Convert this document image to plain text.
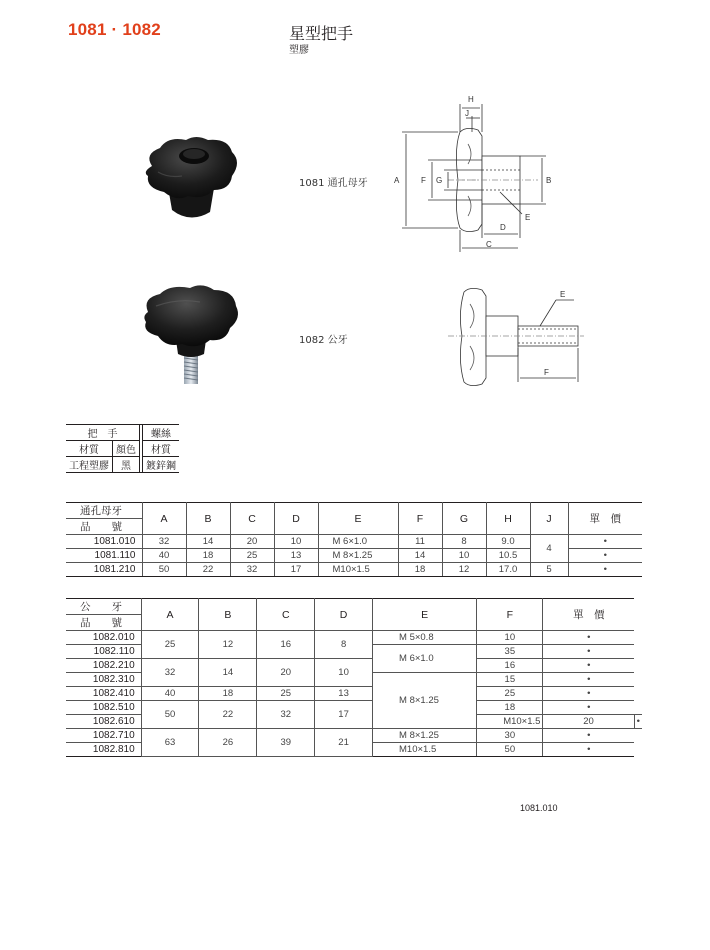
1081 · 1082	星型把手
塑膠
1081 通孔母牙
1082 公牙
H
J
A	F G	B
E
D
C
E
F
把　手			螺絲
材質	顏色		材質
工程塑膠	黑		鍍鋅鋼
通孔母牙	A	B	C	D	E	F	G	H	J	單　價
品　　號										
1081.010	32	14	20	10	M 6×1.0	11	8	9.0	4	•
1081.110	40	18	25	13	M 8×1.25	14	10	10.5		•
1081.210	50	22	32	17	M10×1.5	18	12	17.0	5	•
公　　牙	A	B	C	D	E	F	單　價	
品　　號								
1082.010	25	12	16	8	M 5×0.8	10	•	
1082.110					M 6×1.0	35	•	
1082.210	32	14	20	10		16	•	
1082.310					M 8×1.25	15	•	
1082.410	40	18	25	13		25	•	
1082.510	50	22	32	17		18	•	
1082.610						M10×1.5	20	•
1082.710	63	26	39	21	M 8×1.25	30	•	
1082.810					M10×1.5	50	•	
1081.010
